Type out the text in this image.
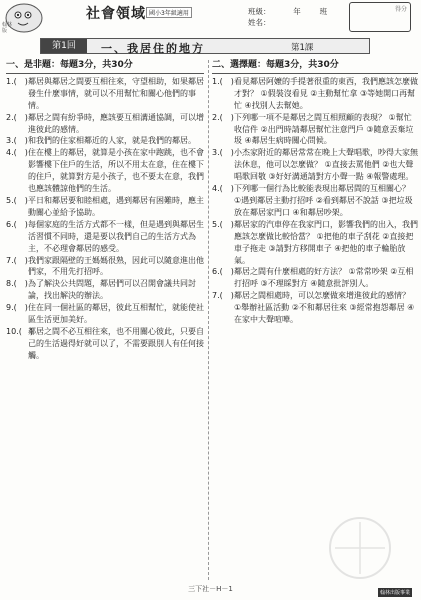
翰林版
社會領域 國小3年級適用	班級：	年	班
姓名：
得分
第1回	一、我居住的地方	第1課
一、是非題：每題3分，共30分
1.(　) 鄰居與鄰居之間要互相往來，守望相助，如果鄰居發生什麼事情，就可以不用幫忙和關心他們的事情。
2.(　) 鄰居之間有紛爭時，應該要互相溝通協調，可以增進彼此的感情。
3.(　) 和我們的住家相鄰近的人家，就是我們的鄰居。
4.(　) 住在樓上的鄰居，就算是小孩在家中跑跳，也不會影響樓下住戶的生活，所以不用太在意，住在樓下的住戶，就算對方是小孩子，也不要太在意，我們也應該體諒他們的生活。
5.(　) 平日和鄰居要和睦相處，遇到鄰居有困難時，應主動關心並給予協助。
6.(　) 每個家庭的生活方式都不一樣，但是遇到與鄰居生活習慣不同時，還是要以我們自己的生活方式為主，不必理會鄰居的感受。
7.(　) 我們家跟隔壁的王媽媽很熟，因此可以隨意進出他們家，不用先打招呼。
8.(　) 為了解決公共問題，鄰居們可以召開會議共同討論，找出解決的辦法。
9.(　) 住在同一個社區的鄰居，彼此互相幫忙，就能使社區生活更加美好。
10.(　)
鄰居之間不必互相往來，也不用關心彼此，只要自己的生活過得好就可以了，不需要跟別人有任何接觸。
二、選擇題：每題3分，共30分
1.(　) 看見鄰居阿嬤的手提著很重的東西，我們應該怎麼做才對？ ①假裝沒看見 ②主動幫忙拿 ③等她開口再幫忙 ④找別人去幫她。
2.(　) 下列哪一項不是鄰居之間互相照顧的表現？ ①幫忙收信件 ②出門時請鄰居幫忙注意門戶 ③隨意丟棄垃圾 ④鄰居生病時關心問候。
3.(　) 小杰家附近的鄰居常常在晚上大聲唱歌，吵得大家無法休息，他可以怎麼做？ ①直接去罵他們 ②也大聲唱歌回敬 ③好好溝通請對方小聲一點 ④報警處理。
4.(　) 下列哪一個行為比較能表現出鄰居間的互相關心？ ①遇到鄰居主動打招呼 ②看到鄰居不說話 ③把垃圾放在鄰居家門口 ④和鄰居吵架。
5.(　) 鄰居家的汽車停在我家門口，影響我們的出入，我們應該怎麼做比較恰當？ ①把他的車子刮花 ②直接把車子拖走 ③請對方移開車子 ④把他的車子輪胎放氣。
6.(　) 鄰居之間有什麼相處的好方法？ ①常常吵架 ②互相打招呼 ③不理睬對方 ④隨意批評別人。
7.(　) 鄰居之間相處時，可以怎麼做來增進彼此的感情？ ①舉辦社區活動 ②不和鄰居往來 ③經常抱怨鄰居 ④在家中大聲喧嘩。
三下社－H－1	翰林出版事業
